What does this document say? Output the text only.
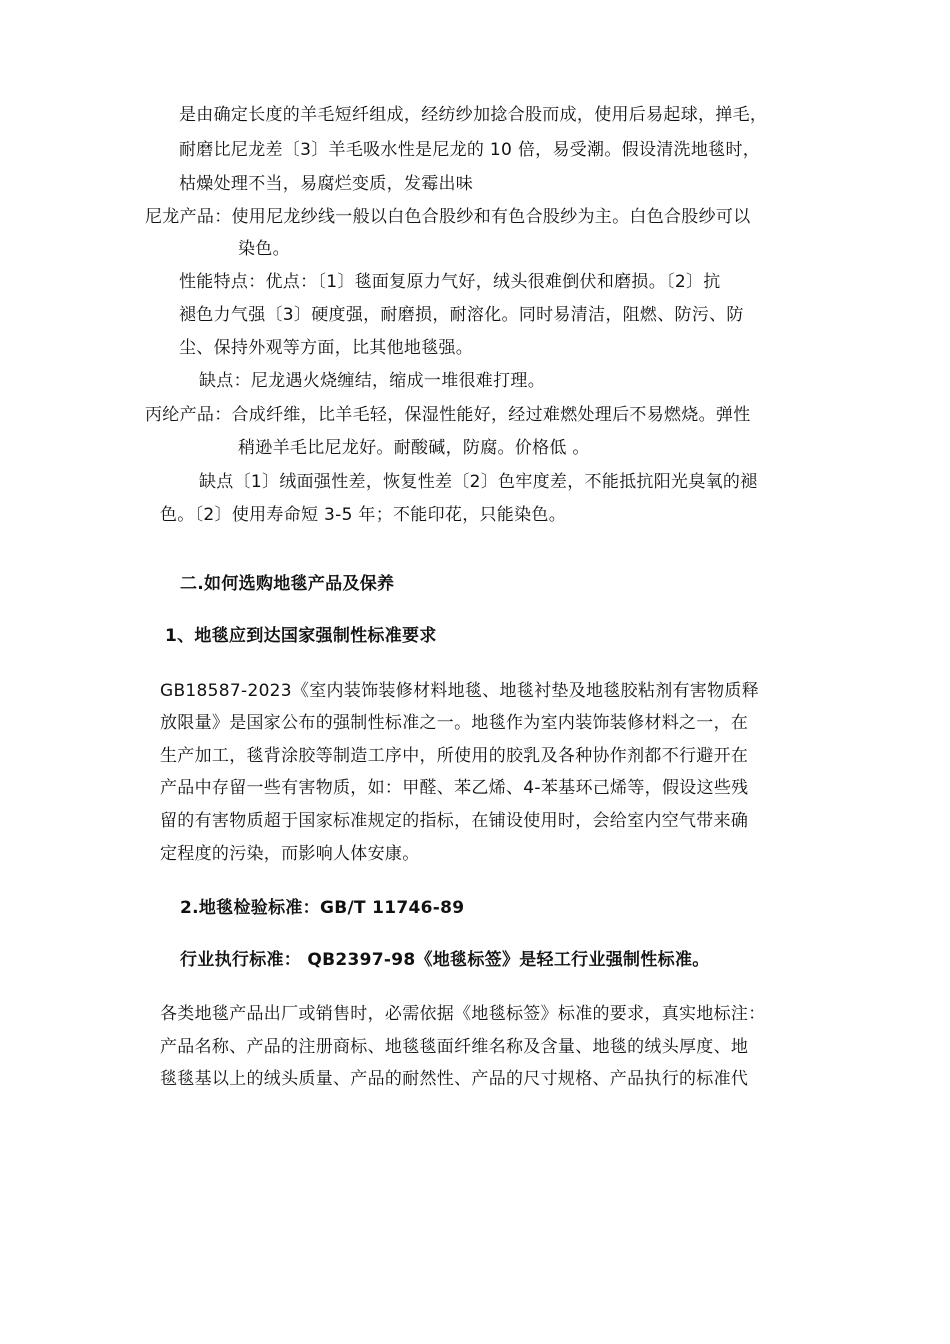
是由确定长度的羊毛短纤组成，经纺纱加捻合股而成，使用后易起球，掸毛，
耐磨比尼龙差〔3〕羊毛吸水性是尼龙的 10 倍，易受潮。假设清洗地毯时，
枯燥处理不当，易腐烂变质，发霉出味
尼龙产品：使用尼龙纱线一般以白色合股纱和有色合股纱为主。白色合股纱可以
染色。
性能特点：优点：〔1〕毯面复原力气好，绒头很难倒伏和磨损。〔2〕抗
褪色力气强〔3〕硬度强，耐磨损，耐溶化。同时易清洁，阻燃、防污、防
尘、保持外观等方面，比其他地毯强。
缺点：尼龙遇火烧缠结，缩成一堆很难打理。
丙纶产品：合成纤维，比羊毛轻，保湿性能好，经过难燃处理后不易燃烧。弹性
稍逊羊毛比尼龙好。耐酸碱，防腐。价格低 。
缺点〔1〕绒面强性差，恢复性差〔2〕色牢度差，不能抵抗阳光臭氧的褪
色。〔2〕使用寿命短 3-5 年；不能印花，只能染色。
二.如何选购地毯产品及保养
1、地毯应到达国家强制性标准要求
GB18587-2023《室内装饰装修材料地毯、地毯衬垫及地毯胶粘剂有害物质释
放限量》是国家公布的强制性标准之一。地毯作为室内装饰装修材料之一，在
生产加工，毯背涂胶等制造工序中，所使用的胶乳及各种协作剂都不行避开在
产品中存留一些有害物质，如：甲醛、苯乙烯、4-苯基环己烯等，假设这些残
留的有害物质超于国家标准规定的指标，在铺设使用时，会给室内空气带来确
定程度的污染，而影响人体安康。
2.地毯检验标准：GB/T 11746-89
行业执行标准： QB2397-98《地毯标签》是轻工行业强制性标准。
各类地毯产品出厂或销售时，必需依据《地毯标签》标准的要求，真实地标注：
产品名称、产品的注册商标、地毯毯面纤维名称及含量、地毯的绒头厚度、地
毯毯基以上的绒头质量、产品的耐然性、产品的尺寸规格、产品执行的标准代
